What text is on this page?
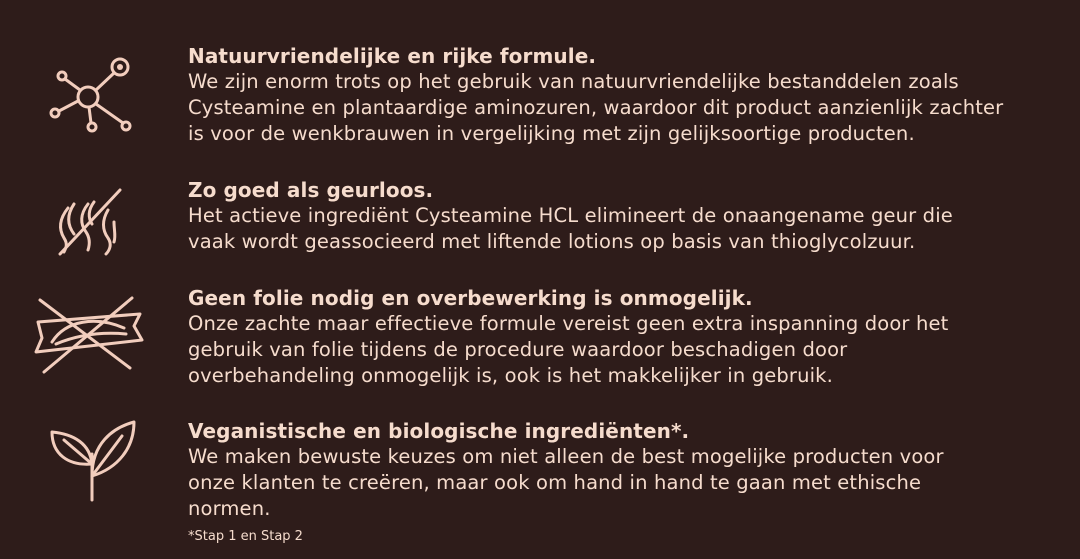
Natuurvriendelijke en rijke formule.
We zijn enorm trots op het gebruik van natuurvriendelijke bestanddelen zoals
Cysteamine en plantaardige aminozuren, waardoor dit product aanzienlijk zachter
is voor de wenkbrauwen in vergelijking met zijn gelijksoortige producten.
Zo goed als geurloos.
Het actieve ingrediënt Cysteamine HCL elimineert de onaangename geur die
vaak wordt geassocieerd met liftende lotions op basis van thioglycolzuur.
Geen folie nodig en overbewerking is onmogelijk.
Onze zachte maar effectieve formule vereist geen extra inspanning door het
gebruik van folie tijdens de procedure waardoor beschadigen door
overbehandeling onmogelijk is, ook is het makkelijker in gebruik.
Veganistische en biologische ingrediënten*.
We maken bewuste keuzes om niet alleen de best mogelijke producten voor
onze klanten te creëren, maar ook om hand in hand te gaan met ethische
normen.
*Stap 1 en Stap 2
